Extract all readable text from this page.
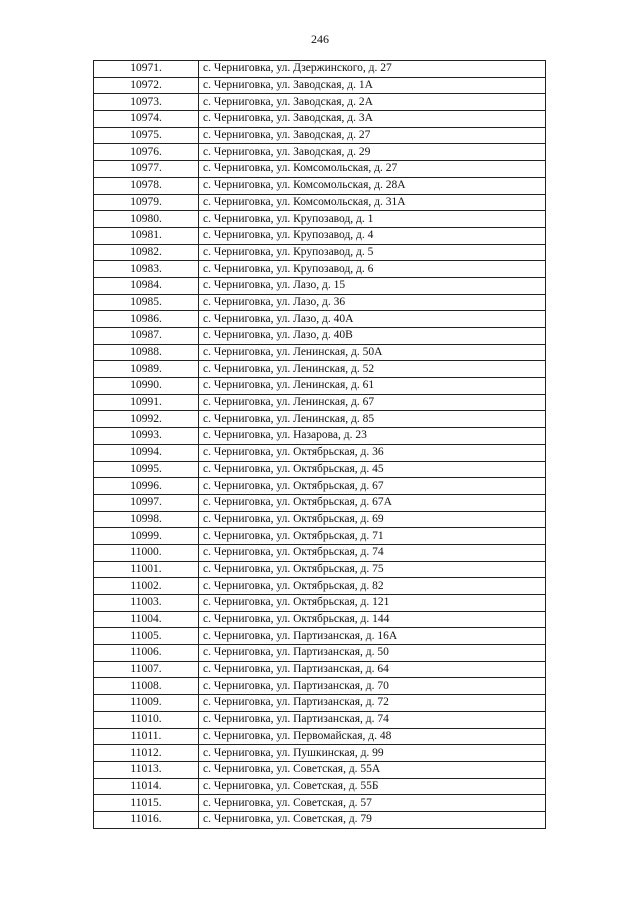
246
10971.	с. Черниговка, ул. Дзержинского, д. 27
10972.	с. Черниговка, ул. Заводская, д. 1А
10973.	с. Черниговка, ул. Заводская, д. 2А
10974.	с. Черниговка, ул. Заводская, д. 3А
10975.	с. Черниговка, ул. Заводская, д. 27
10976.	с. Черниговка, ул. Заводская, д. 29
10977.	с. Черниговка, ул. Комсомольская, д. 27
10978.	с. Черниговка, ул. Комсомольская, д. 28А
10979.	с. Черниговка, ул. Комсомольская, д. 31А
10980.	с. Черниговка, ул. Крупозавод, д. 1
10981.	с. Черниговка, ул. Крупозавод, д. 4
10982.	с. Черниговка, ул. Крупозавод, д. 5
10983.	с. Черниговка, ул. Крупозавод, д. 6
10984.	с. Черниговка, ул. Лазо, д. 15
10985.	с. Черниговка, ул. Лазо, д. 36
10986.	с. Черниговка, ул. Лазо, д. 40А
10987.	с. Черниговка, ул. Лазо, д. 40В
10988.	с. Черниговка, ул. Ленинская, д. 50А
10989.	с. Черниговка, ул. Ленинская, д. 52
10990.	с. Черниговка, ул. Ленинская, д. 61
10991.	с. Черниговка, ул. Ленинская, д. 67
10992.	с. Черниговка, ул. Ленинская, д. 85
10993.	с. Черниговка, ул. Назарова, д. 23
10994.	с. Черниговка, ул. Октябрьская, д. 36
10995.	с. Черниговка, ул. Октябрьская, д. 45
10996.	с. Черниговка, ул. Октябрьская, д. 67
10997.	с. Черниговка, ул. Октябрьская, д. 67А
10998.	с. Черниговка, ул. Октябрьская, д. 69
10999.	с. Черниговка, ул. Октябрьская, д. 71
11000.	с. Черниговка, ул. Октябрьская, д. 74
11001.	с. Черниговка, ул. Октябрьская, д. 75
11002.	с. Черниговка, ул. Октябрьская, д. 82
11003.	с. Черниговка, ул. Октябрьская, д. 121
11004.	с. Черниговка, ул. Октябрьская, д. 144
11005.	с. Черниговка, ул. Партизанская, д. 16А
11006.	с. Черниговка, ул. Партизанская, д. 50
11007.	с. Черниговка, ул. Партизанская, д. 64
11008.	с. Черниговка, ул. Партизанская, д. 70
11009.	с. Черниговка, ул. Партизанская, д. 72
11010.	с. Черниговка, ул. Партизанская, д. 74
11011.	с. Черниговка, ул. Первомайская, д. 48
11012.	с. Черниговка, ул. Пушкинская, д. 99
11013.	с. Черниговка, ул. Советская, д. 55А
11014.	с. Черниговка, ул. Советская, д. 55Б
11015.	с. Черниговка, ул. Советская, д. 57
11016.	с. Черниговка, ул. Советская, д. 79
